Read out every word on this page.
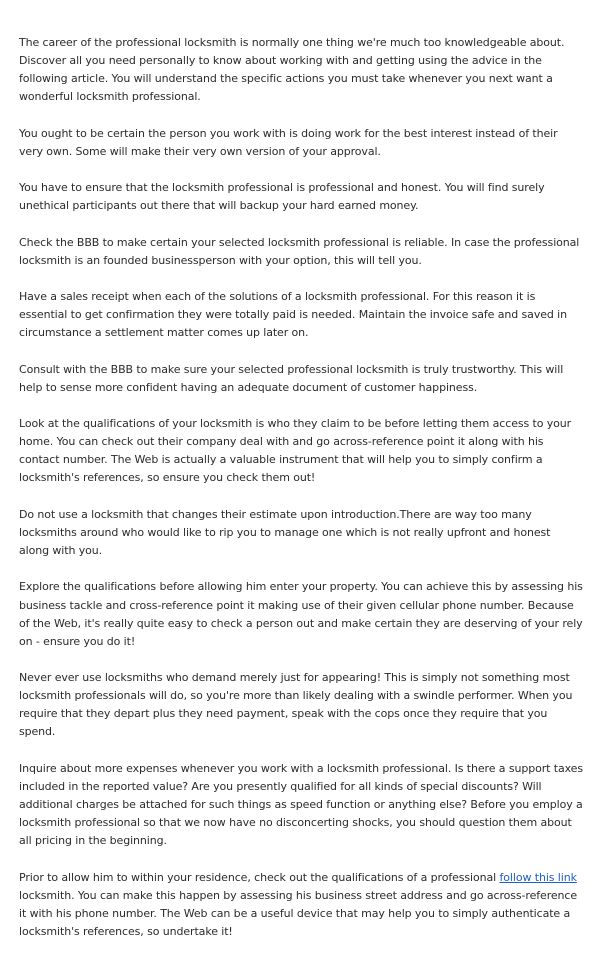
The career of the professional locksmith is normally one thing we're much too knowledgeable about. Discover all you need personally to know about working with and getting using the advice in the following article. You will understand the specific actions you must take whenever you next want a wonderful locksmith professional.

You ought to be certain the person you work with is doing work for the best interest instead of their very own. Some will make their very own version of your approval.

You have to ensure that the locksmith professional is professional and honest. You will find surely unethical participants out there that will backup your hard earned money.

Check the BBB to make certain your selected locksmith professional is reliable. In case the professional locksmith is an founded businessperson with your option, this will tell you.

Have a sales receipt when each of the solutions of a locksmith professional. For this reason it is essential to get confirmation they were totally paid is needed. Maintain the invoice safe and saved in circumstance a settlement matter comes up later on.

Consult with the BBB to make sure your selected professional locksmith is truly trustworthy. This will help to sense more confident having an adequate document of customer happiness.

Look at the qualifications of your locksmith is who they claim to be before letting them access to your home. You can check out their company deal with and go across-reference point it along with his contact number. The Web is actually a valuable instrument that will help you to simply confirm a locksmith's references, so ensure you check them out!

Do not use a locksmith that changes their estimate upon introduction.There are way too many locksmiths around who would like to rip you to manage one which is not really upfront and honest along with you.

Explore the qualifications before allowing him enter your property. You can achieve this by assessing his business tackle and cross-reference point it making use of their given cellular phone number. Because of the Web, it's really quite easy to check a person out and make certain they are deserving of your rely on - ensure you do it!

Never ever use locksmiths who demand merely just for appearing! This is simply not something most locksmith professionals will do, so you're more than likely dealing with a swindle performer. When you require that they depart plus they need payment, speak with the cops once they require that you spend.

Inquire about more expenses whenever you work with a locksmith professional. Is there a support taxes included in the reported value? Are you presently qualified for all kinds of special discounts? Will additional charges be attached for such things as speed function or anything else? Before you employ a locksmith professional so that we now have no disconcerting shocks, you should question them about all pricing in the beginning.

Prior to allow him to within your residence, check out the qualifications of a professional follow this link locksmith. You can make this happen by assessing his business street address and go across-reference it with his phone number. The Web can be a useful device that may help you to simply authenticate a locksmith's references, so undertake it!
